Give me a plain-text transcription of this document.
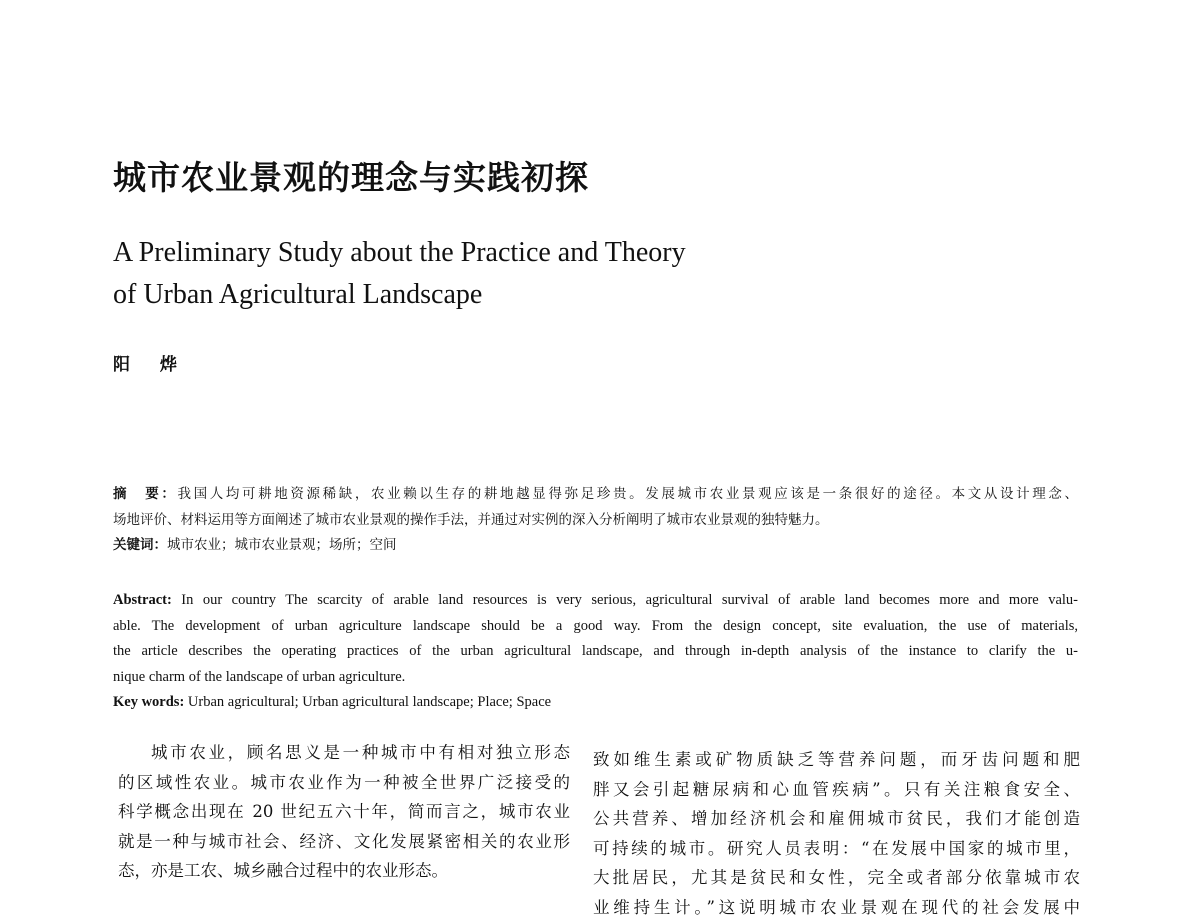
城市农业景观的理念与实践初探
A Preliminary Study about the Practice and Theory
of Urban Agricultural Landscape
阳 烨
摘　要：我国人均可耕地资源稀缺，农业赖以生存的耕地越显得弥足珍贵。发展城市农业景观应该是一条很好的途径。本文从设计理念、
场地评价、材料运用等方面阐述了城市农业景观的操作手法，并通过对实例的深入分析阐明了城市农业景观的独特魅力。
关键词：城市农业；城市农业景观；场所；空间
Abstract: In our country The scarcity of arable land resources is very serious, agricultural survival of arable land becomes more and more valu-
able. The development of urban agriculture landscape should be a good way. From the design concept, site evaluation, the use of materials,
the article describes the operating practices of the urban agricultural landscape, and through in-depth analysis of the instance to clarify the u-
nique charm of the landscape of urban agriculture.
Key words: Urban agricultural; Urban agricultural landscape; Place; Space
城市农业，顾名思义是一种城市中有相对独立形态
的区域性农业。城市农业作为一种被全世界广泛接受的
科学概念出现在 20 世纪五六十年，简而言之，城市农业
就是一种与城市社会、经济、文化发展紧密相关的农业形
态，亦是工农、城乡融合过程中的农业形态。
致如维生素或矿物质缺乏等营养问题，而牙齿问题和肥
胖又会引起糖尿病和心血管疾病”。只有关注粮食安全、
公共营养、增加经济机会和雇佣城市贫民，我们才能创造
可持续的城市。研究人员表明：“在发展中国家的城市里，
大批居民，尤其是贫民和女性，完全或者部分依靠城市农
业维持生计。”这说明城市农业景观在现代的社会发展中
